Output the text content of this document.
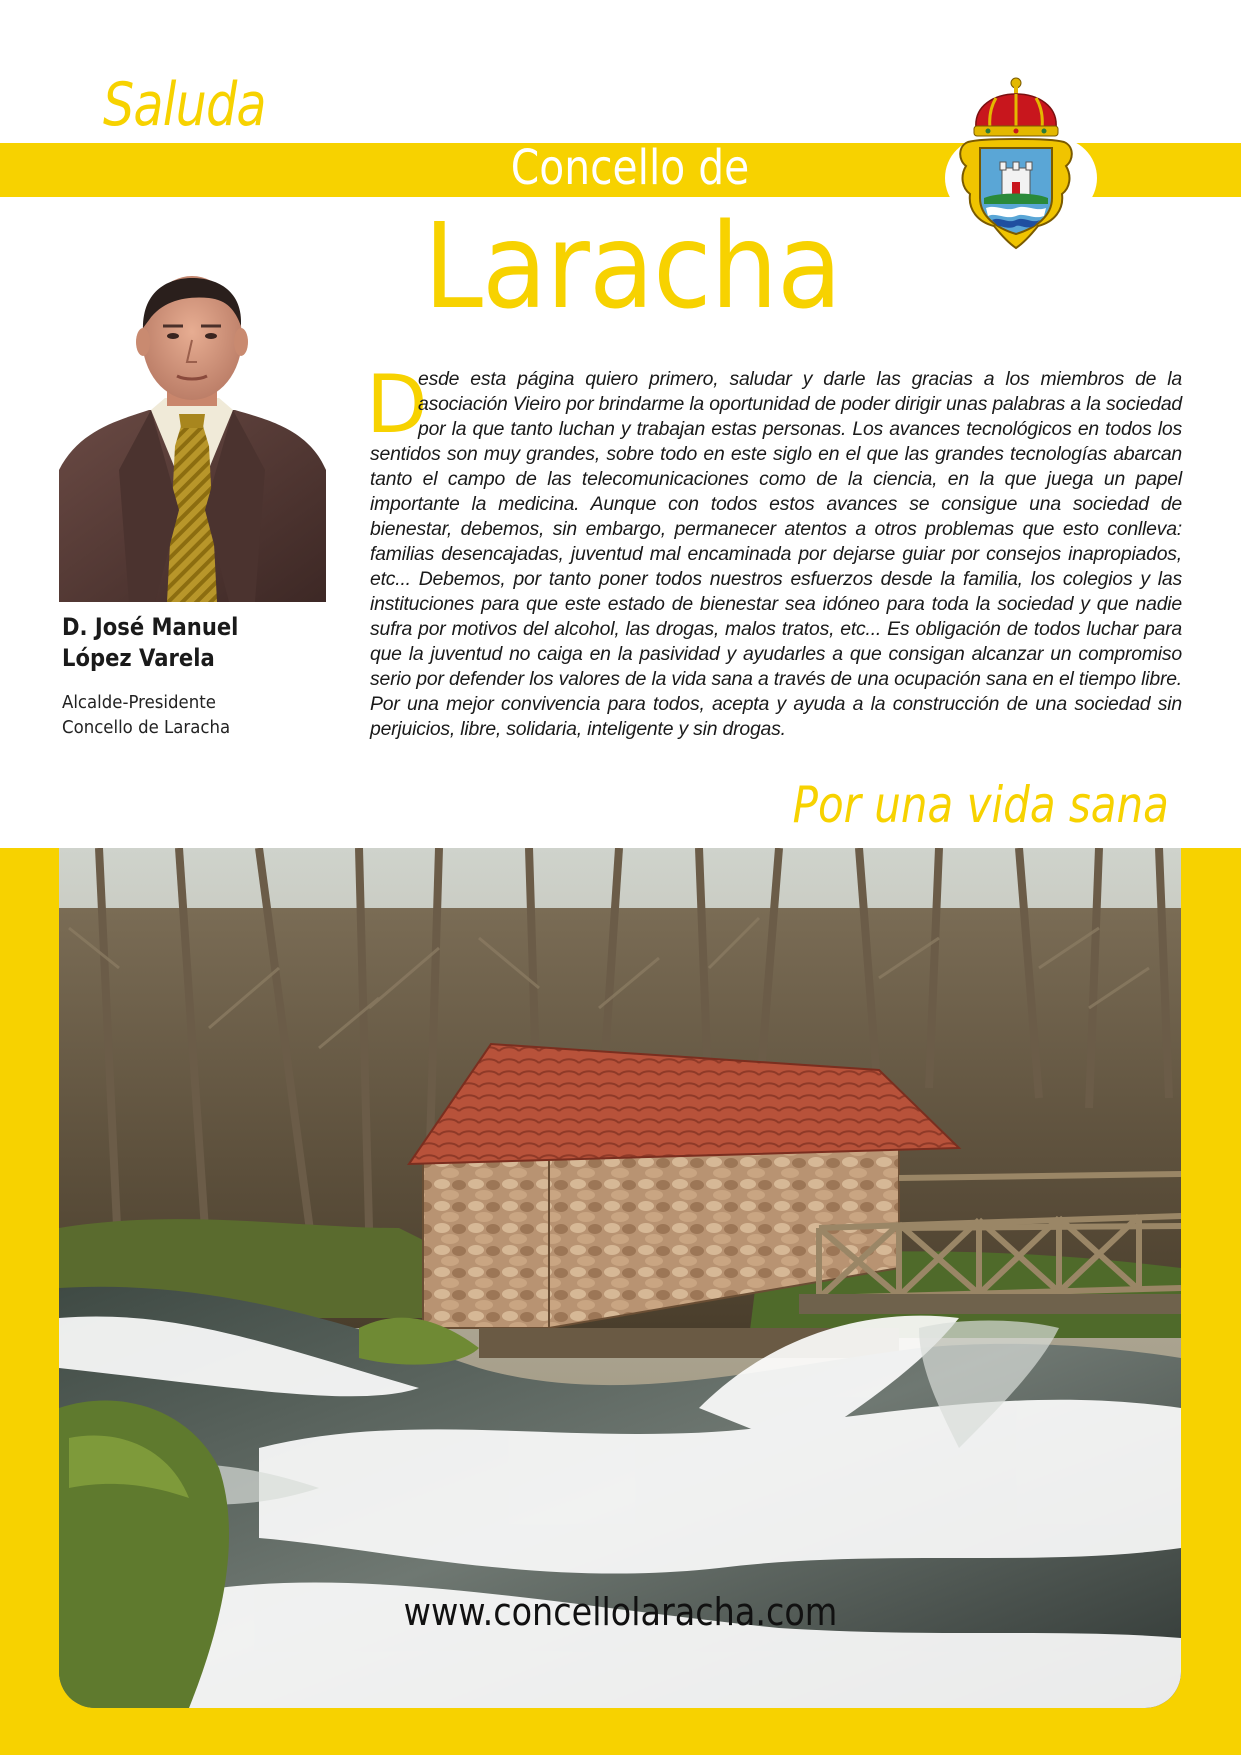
Saluda
Concello de
Laracha
D. José Manuel
López Varela
Alcalde-Presidente
Concello de Laracha
D

esde esta página quiero primero, saludar y darle las gracias a los miembros de la asociación Vieiro por brindarme la oportunidad de poder dirigir unas palabras a la sociedad por la que tanto luchan y trabajan estas personas. Los avances tecnológicos en todos los sentidos son muy grandes, sobre todo en este siglo en el que las grandes tecnologías abarcan tanto el campo de las telecomunicaciones como de la ciencia, en la que juega un papel importante la medicina. Aunque con todos estos avances se consigue una sociedad de bienestar, debemos, sin embargo, permanecer atentos a otros problemas que esto conlleva: familias desencajadas, juventud mal encaminada por dejarse guiar por consejos inapropiados, etc... Debemos, por tanto poner todos nuestros esfuerzos desde la familia, los colegios y las instituciones para que este estado de bienestar sea idóneo para toda la sociedad y que nadie sufra por motivos del alcohol, las drogas, malos tratos, etc... Es obligación de todos luchar para que la juventud no caiga en la pasividad y ayudarles a que consigan alcanzar un compromiso serio por defender los valores de la vida sana a través de una ocupación sana en el tiempo libre. Por una mejor convivencia para todos, acepta y ayuda a la construcción de una sociedad sin perjuicios, libre, solidaria, inteligente y sin drogas.

Por una vida sana
www.concellolaracha.com
